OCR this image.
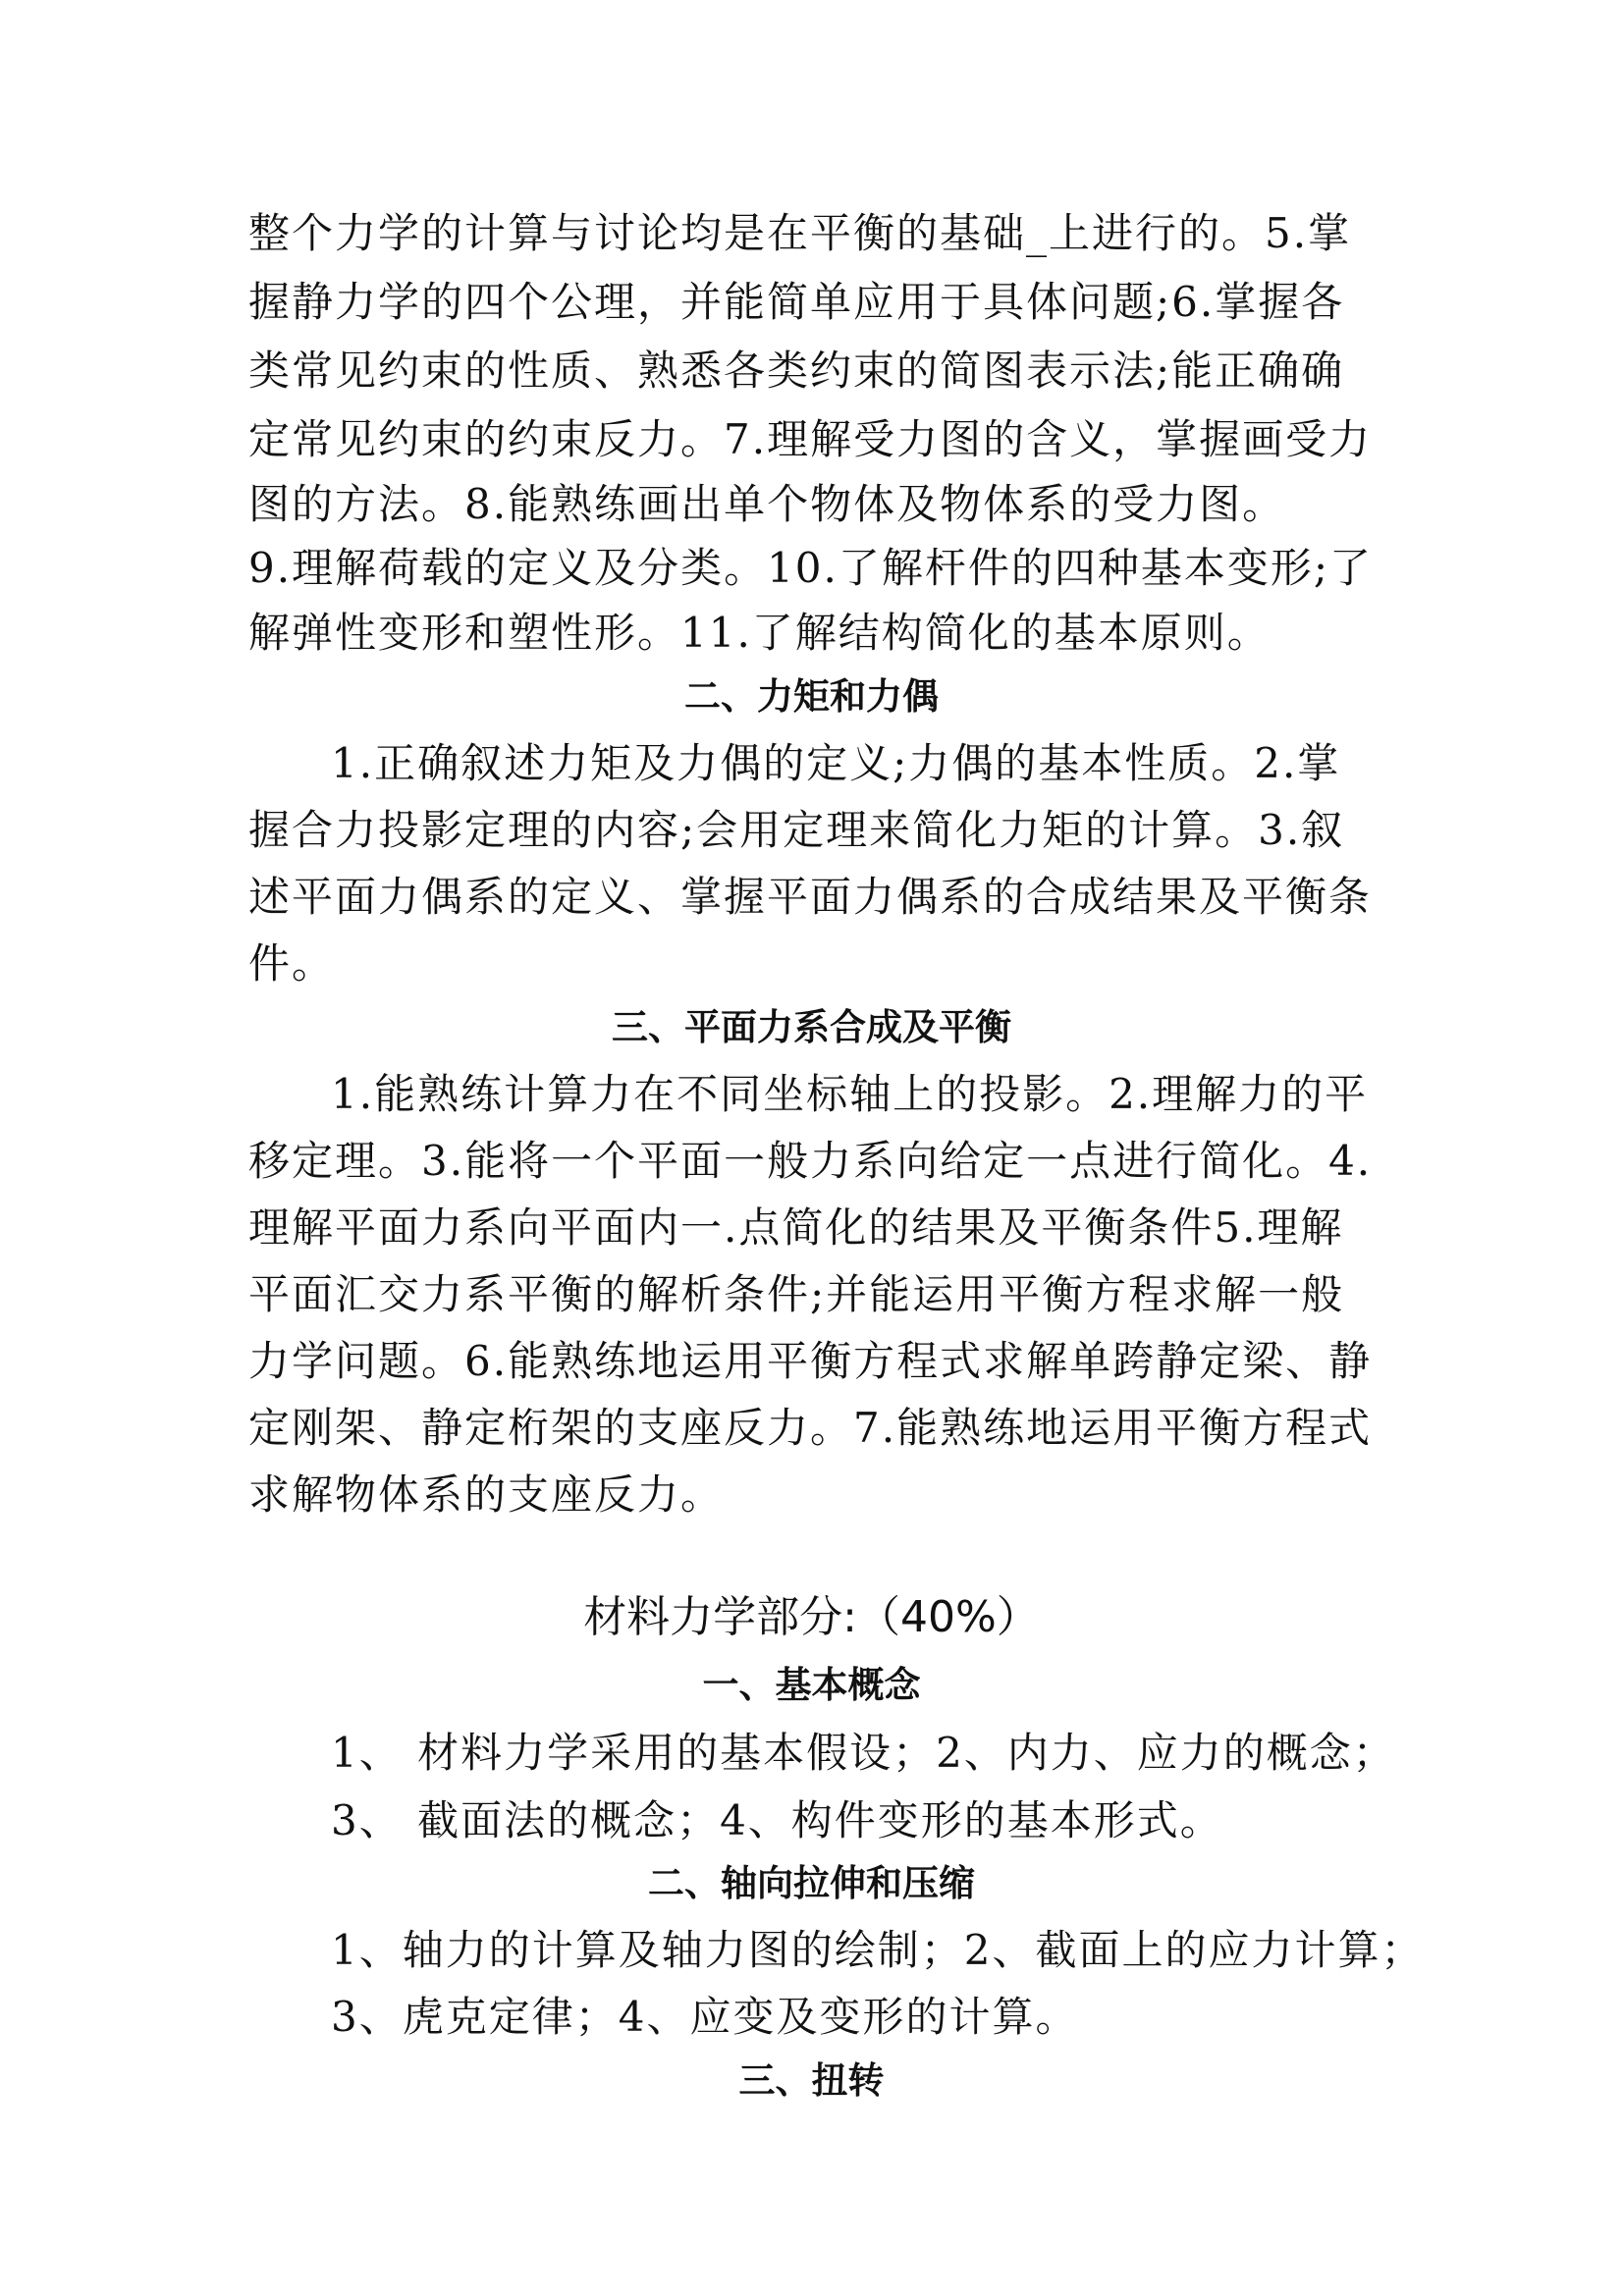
整个力学的计算与讨论均是在平衡的基础_上进行的。5.掌
握静力学的四个公理，并能简单应用于具体问题;6.掌握各
类常见约束的性质、熟悉各类约束的简图表示法;能正确确
定常见约束的约束反力。7.理解受力图的含义，掌握画受力
图的方法。8.能熟练画出单个物体及物体系的受力图。
9.理解荷载的定义及分类。10.了解杆件的四种基本变形;了
解弹性变形和塑性形。11.了解结构简化的基本原则。
二、力矩和力偶
1.正确叙述力矩及力偶的定义;力偶的基本性质。2.掌
握合力投影定理的内容;会用定理来简化力矩的计算。3.叙
述平面力偶系的定义、掌握平面力偶系的合成结果及平衡条
件。
三、平面力系合成及平衡
1.能熟练计算力在不同坐标轴上的投影。2.理解力的平
移定理。3.能将一个平面一般力系向给定一点进行简化。4.
理解平面力系向平面内一.点简化的结果及平衡条件5.理解
平面汇交力系平衡的解析条件;并能运用平衡方程求解一般
力学问题。6.能熟练地运用平衡方程式求解单跨静定梁、静
定刚架、静定桁架的支座反力。7.能熟练地运用平衡方程式
求解物体系的支座反力。
材料力学部分:（40%）
一、基本概念
1、 材料力学采用的基本假设；2、内力、应力的概念；
3、 截面法的概念；4、构件变形的基本形式。
二、轴向拉伸和压缩
1、轴力的计算及轴力图的绘制；2、截面上的应力计算；
3、虎克定律；4、应变及变形的计算。
三、扭转
